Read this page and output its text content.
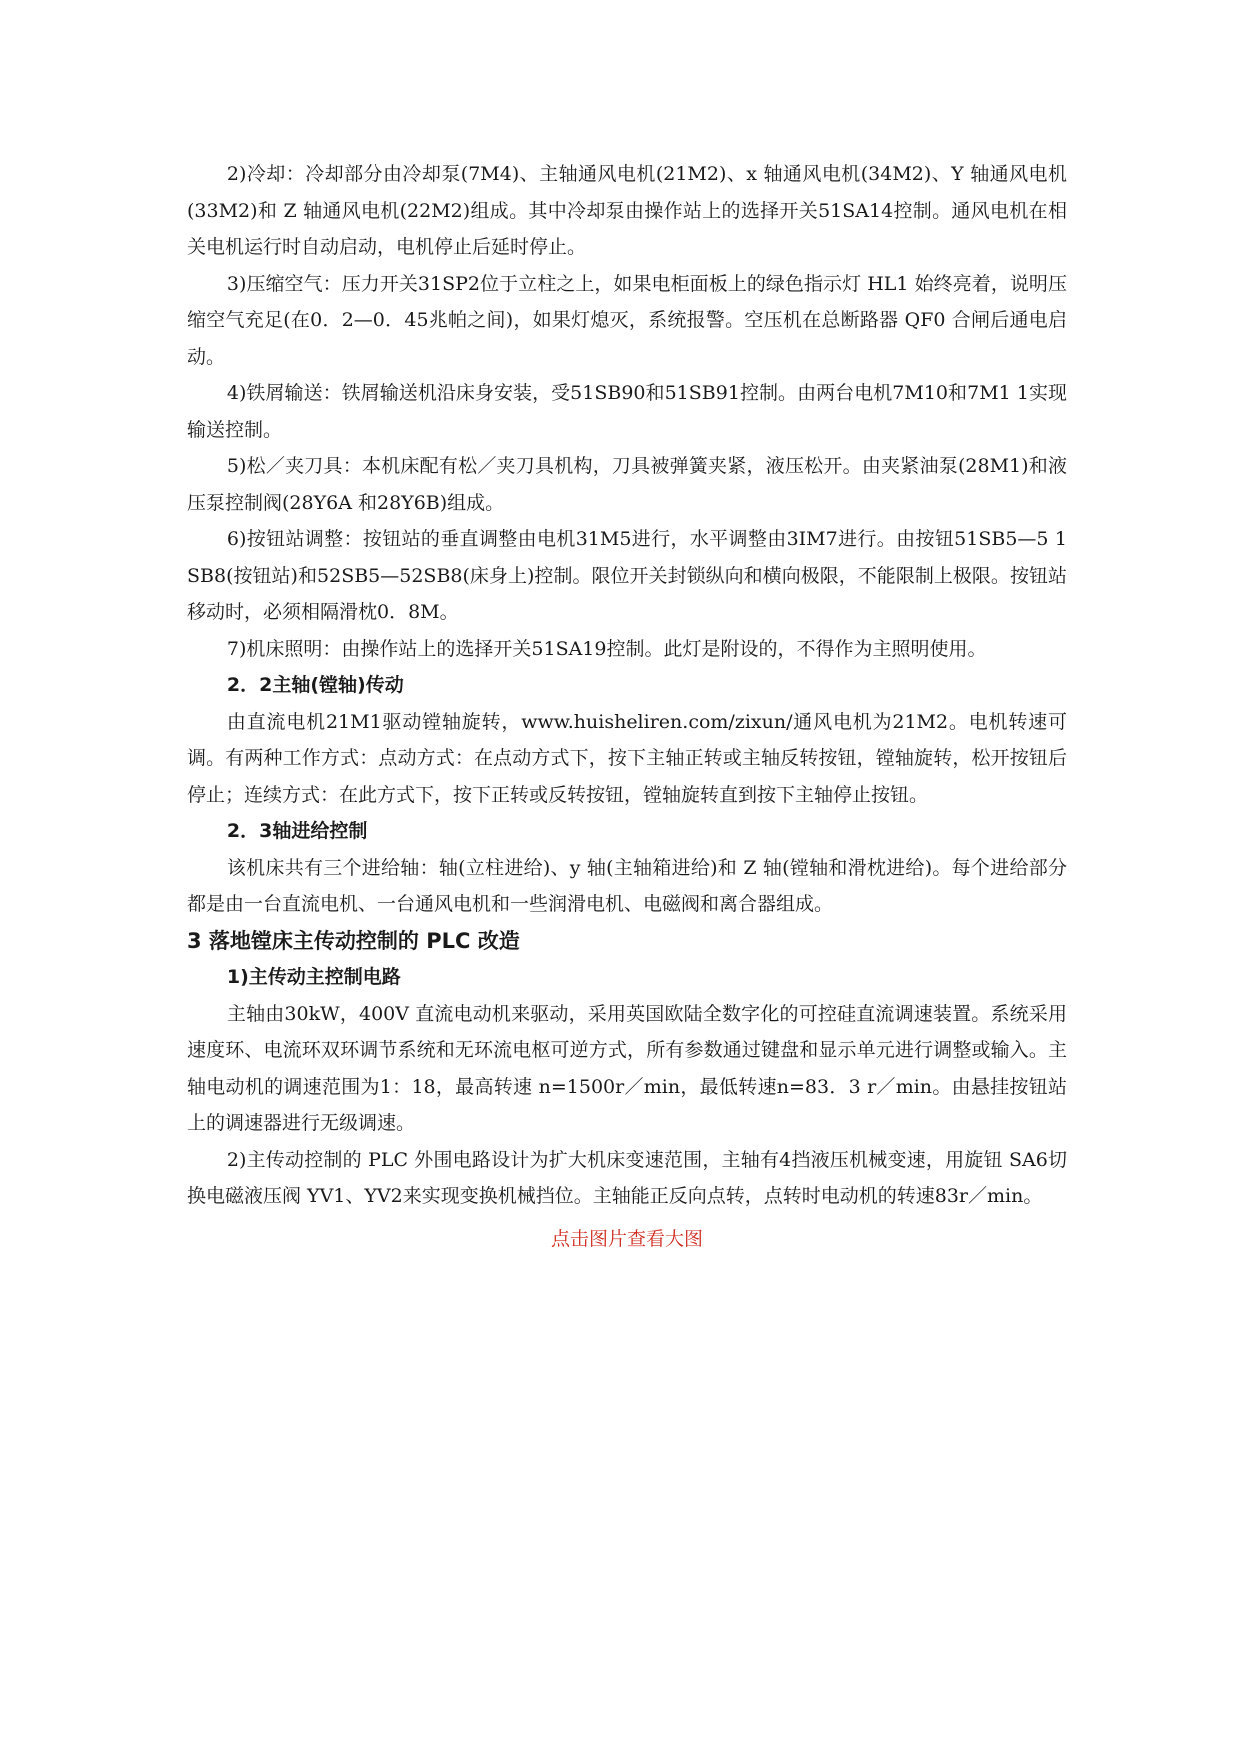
2)冷却：冷却部分由冷却泵(7M4)、主轴通风电机(21M2)、x 轴通风电机(34M2)、Y 轴通风电机(33M2)和 Z 轴通风电机(22M2)组成。其中冷却泵由操作站上的选择开关51SA14控制。通风电机在相关电机运行时自动启动，电机停止后延时停止。

3)压缩空气：压力开关31SP2位于立柱之上，如果电柜面板上的绿色指示灯 HL1 始终亮着，说明压缩空气充足(在0．2—0．45兆帕之间)，如果灯熄灭，系统报警。空压机在总断路器 QF0 合闸后通电启动。

4)铁屑输送：铁屑输送机沿床身安装，受51SB90和51SB91控制。由两台电机7M10和7M1 1实现输送控制。

5)松／夹刀具：本机床配有松／夹刀具机构，刀具被弹簧夹紧，液压松开。由夹紧油泵(28M1)和液压泵控制阀(28Y6A 和28Y6B)组成。

6)按钮站调整：按钮站的垂直调整由电机31M5进行，水平调整由3IM7进行。由按钮51SB5—5 1 SB8(按钮站)和52SB5—52SB8(床身上)控制。限位开关封锁纵向和横向极限，不能限制上极限。按钮站移动时，必须相隔滑枕0．8M。

7)机床照明：由操作站上的选择开关51SA19控制。此灯是附设的，不得作为主照明使用。

2．2主轴(镗轴)传动

由直流电机21M1驱动镗轴旋转，www.huisheliren.com/zixun/通风电机为21M2。电机转速可调。有两种工作方式：点动方式：在点动方式下，按下主轴正转或主轴反转按钮，镗轴旋转，松开按钮后停止；连续方式：在此方式下，按下正转或反转按钮，镗轴旋转直到按下主轴停止按钮。

2．3轴进给控制

该机床共有三个进给轴：轴(立柱进给)、y 轴(主轴箱进给)和 Z 轴(镗轴和滑枕进给)。每个进给部分都是由一台直流电机、一台通风电机和一些润滑电机、电磁阀和离合器组成。

3 落地镗床主传动控制的 PLC 改造

1)主传动主控制电路

主轴由30kW，400V 直流电动机来驱动，采用英国欧陆全数字化的可控硅直流调速装置。系统采用速度环、电流环双环调节系统和无环流电枢可逆方式，所有参数通过键盘和显示单元进行调整或输入。主轴电动机的调速范围为1：18，最高转速 n=1500r／min，最低转速n=83．3 r／min。由悬挂按钮站上的调速器进行无级调速。

2)主传动控制的 PLC 外围电路设计为扩大机床变速范围，主轴有4挡液压机械变速，用旋钮 SA6切换电磁液压阀 YV1、YV2来实现变换机械挡位。主轴能正反向点转，点转时电动机的转速83r／min。

点击图片查看大图
